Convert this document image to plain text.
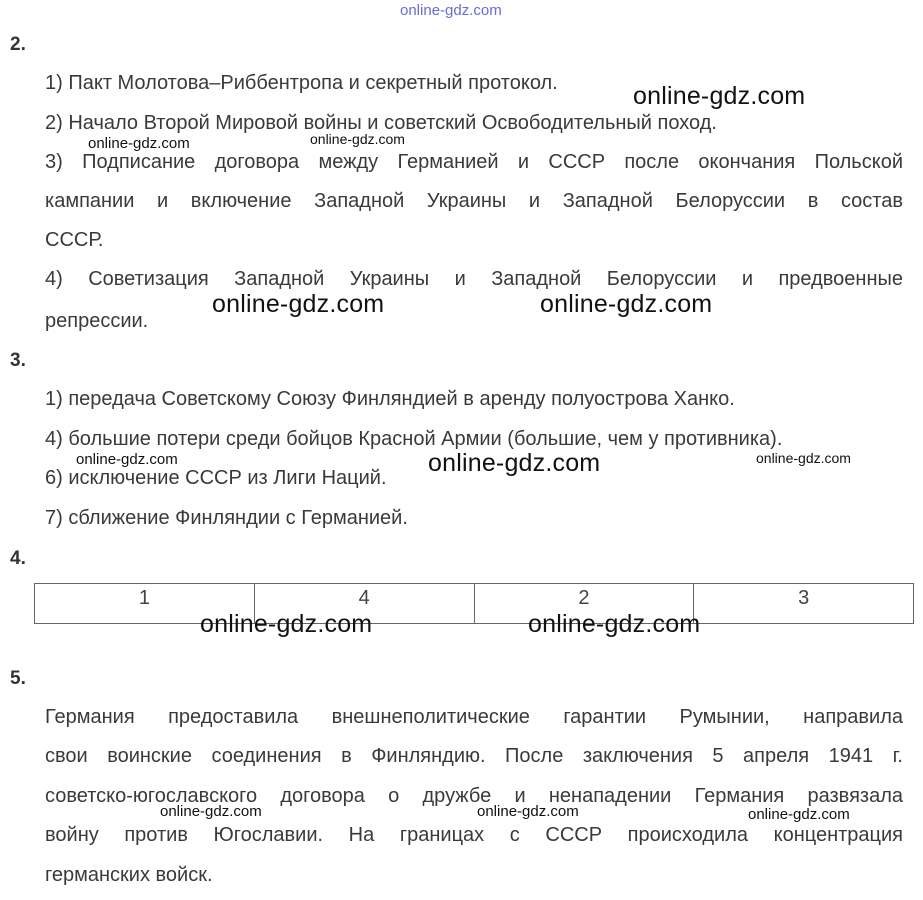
online-gdz.com
2.
1) Пакт Молотова–Риббентропа и секретный протокол.
2) Начало Второй Мировой войны и советский Освободительный поход.
3) Подписание договора между Германией и СССР после окончания Польской
кампании и включение Западной Украины и Западной Белоруссии в состав
СССР.
4) Советизация Западной Украины и Западной Белоруссии и предвоенные
репрессии.
3.
1) передача Советскому Союзу Финляндией в аренду полуострова Ханко.
4) большие потери среди бойцов Красной Армии (большие, чем у противника).
6) исключение СССР из Лиги Наций.
7) сближение Финляндии с Германией.
4.
1	4	2	3
5.
Германия предоставила внешнеполитические гарантии Румынии, направила
свои воинские соединения в Финляндию. После заключения 5 апреля 1941 г.
советско-югославского договора о дружбе и ненападении Германия развязала
войну против Югославии. На границах с СССР происходила концентрация
германских войск.
online-gdz.com
online-gdz.com	online-gdz.com
online-gdz.com	online-gdz.com
online-gdz.com	online-gdz.com	online-gdz.com
online-gdz.com	online-gdz.com
online-gdz.com	online-gdz.com	online-gdz.com
